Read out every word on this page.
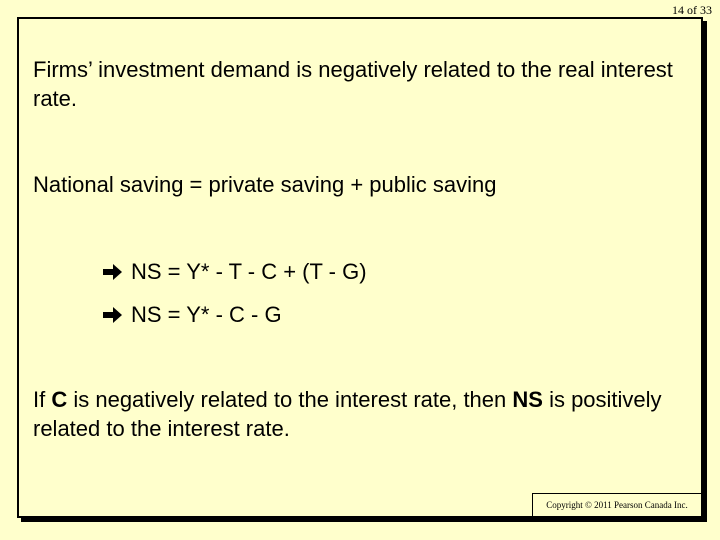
14 of 33

Firms’ investment demand is negatively related to the real interest rate.

National saving = private saving + public saving

NS = Y* - T - C + (T - G)
NS = Y* - C - G

If C is negatively related to the interest rate, then NS is positively related to the interest rate.

Copyright © 2011 Pearson Canada Inc.
